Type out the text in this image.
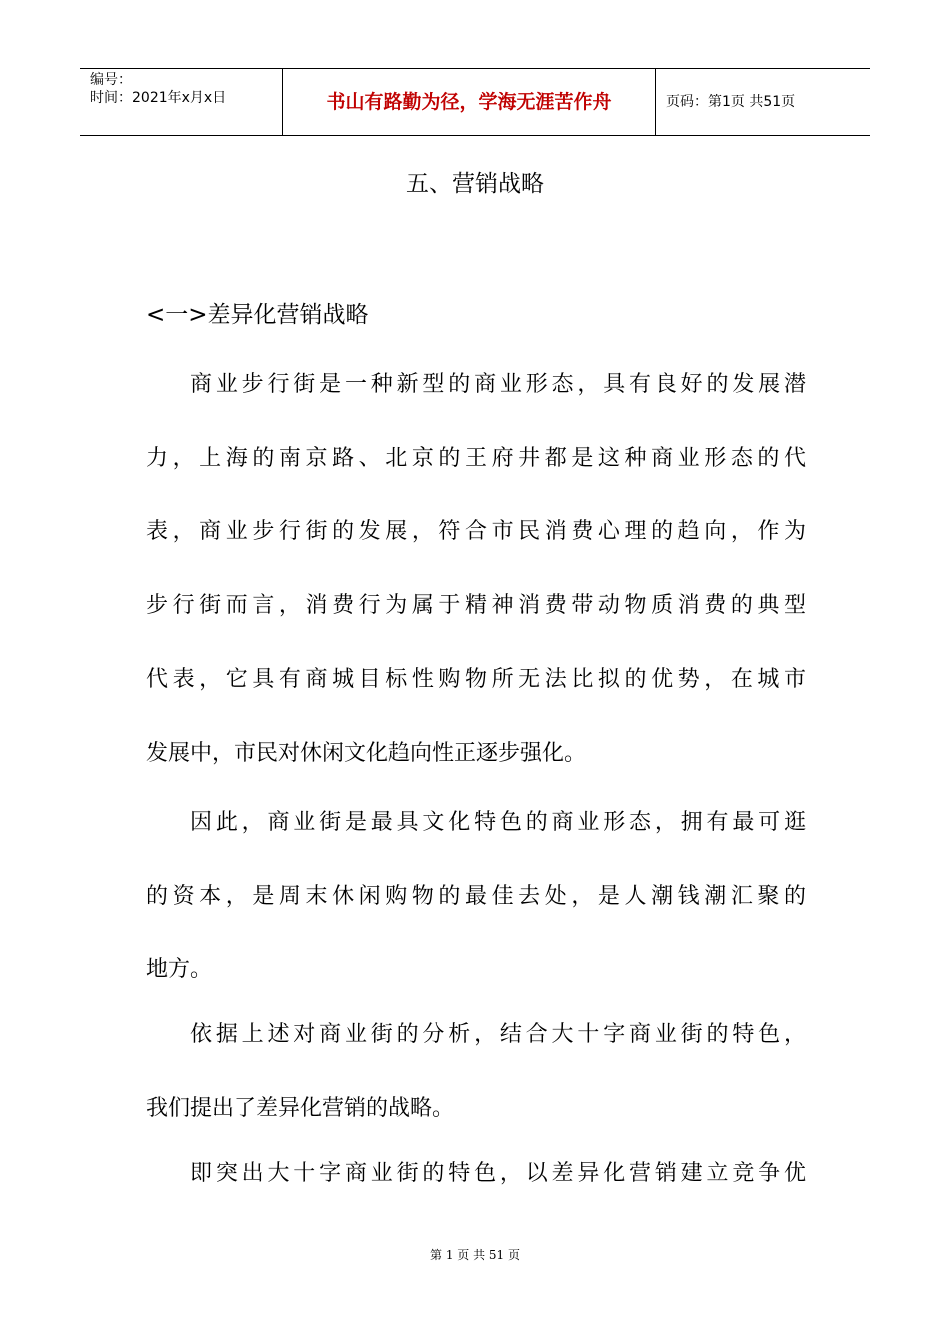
编号：
时间：2021年x月x日	书山有路勤为径，学海无涯苦作舟	页码：第1页 共51页
五、营销战略
<一>差异化营销战略
商业步行街是一种新型的商业形态，具有良好的发展潜
力，上海的南京路、北京的王府井都是这种商业形态的代
表，商业步行街的发展，符合市民消费心理的趋向，作为
步行街而言，消费行为属于精神消费带动物质消费的典型
代表，它具有商城目标性购物所无法比拟的优势，在城市
发展中，市民对休闲文化趋向性正逐步强化。
因此，商业街是最具文化特色的商业形态，拥有最可逛
的资本，是周末休闲购物的最佳去处，是人潮钱潮汇聚的
地方。
依据上述对商业街的分析，结合大十字商业街的特色，
我们提出了差异化营销的战略。
即突出大十字商业街的特色，以差异化营销建立竞争优
第 1 页 共 51 页
